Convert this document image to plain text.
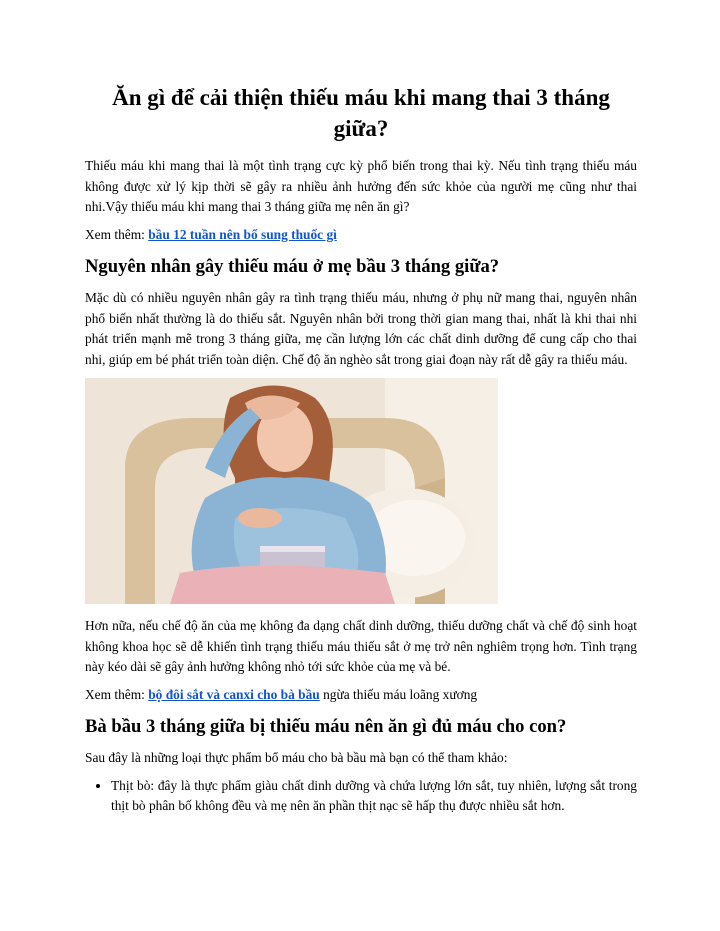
Ăn gì để cải thiện thiếu máu khi mang thai 3 tháng giữa?

Thiếu máu khi mang thai là một tình trạng cực kỳ phổ biến trong thai kỳ. Nếu tình trạng thiếu máu không được xử lý kịp thời sẽ gây ra nhiều ảnh hưởng đến sức khỏe của người mẹ cũng như thai nhi.Vậy thiếu máu khi mang thai 3 tháng giữa mẹ nên ăn gì?

Xem thêm: bầu 12 tuần nên bổ sung thuốc gì

Nguyên nhân gây thiếu máu ở mẹ bầu 3 tháng giữa?

Mặc dù có nhiều nguyên nhân gây ra tình trạng thiếu máu, nhưng ở phụ nữ mang thai, nguyên nhân phổ biến nhất thường là do thiếu sắt. Nguyên nhân bởi trong thời gian mang thai, nhất là khi thai nhi phát triển mạnh mẽ trong 3 tháng giữa, mẹ cần lượng lớn các chất dinh dưỡng để cung cấp cho thai nhi, giúp em bé phát triển toàn diện. Chế độ ăn nghèo sắt trong giai đoạn này rất dễ gây ra thiếu máu.

Hơn nữa, nếu chế độ ăn của mẹ không đa dạng chất dinh dưỡng, thiếu dưỡng chất và chế độ sinh hoạt không khoa học sẽ dễ khiến tình trạng thiếu máu thiếu sắt ở mẹ trở nên nghiêm trọng hơn. Tình trạng này kéo dài sẽ gây ảnh hưởng không nhỏ tới sức khỏe của mẹ và bé.

Xem thêm: bộ đôi sắt và canxi cho bà bầu ngừa thiếu máu loãng xương

Bà bầu 3 tháng giữa bị thiếu máu nên ăn gì đủ máu cho con?

Sau đây là những loại thực phẩm bổ máu cho bà bầu mà bạn có thể tham khảo:

• Thịt bò: đây là thực phẩm giàu chất dinh dưỡng và chứa lượng lớn sắt, tuy nhiên, lượng sắt trong thịt bò phân bố không đều và mẹ nên ăn phần thịt nạc sẽ hấp thụ được nhiều sắt hơn.
